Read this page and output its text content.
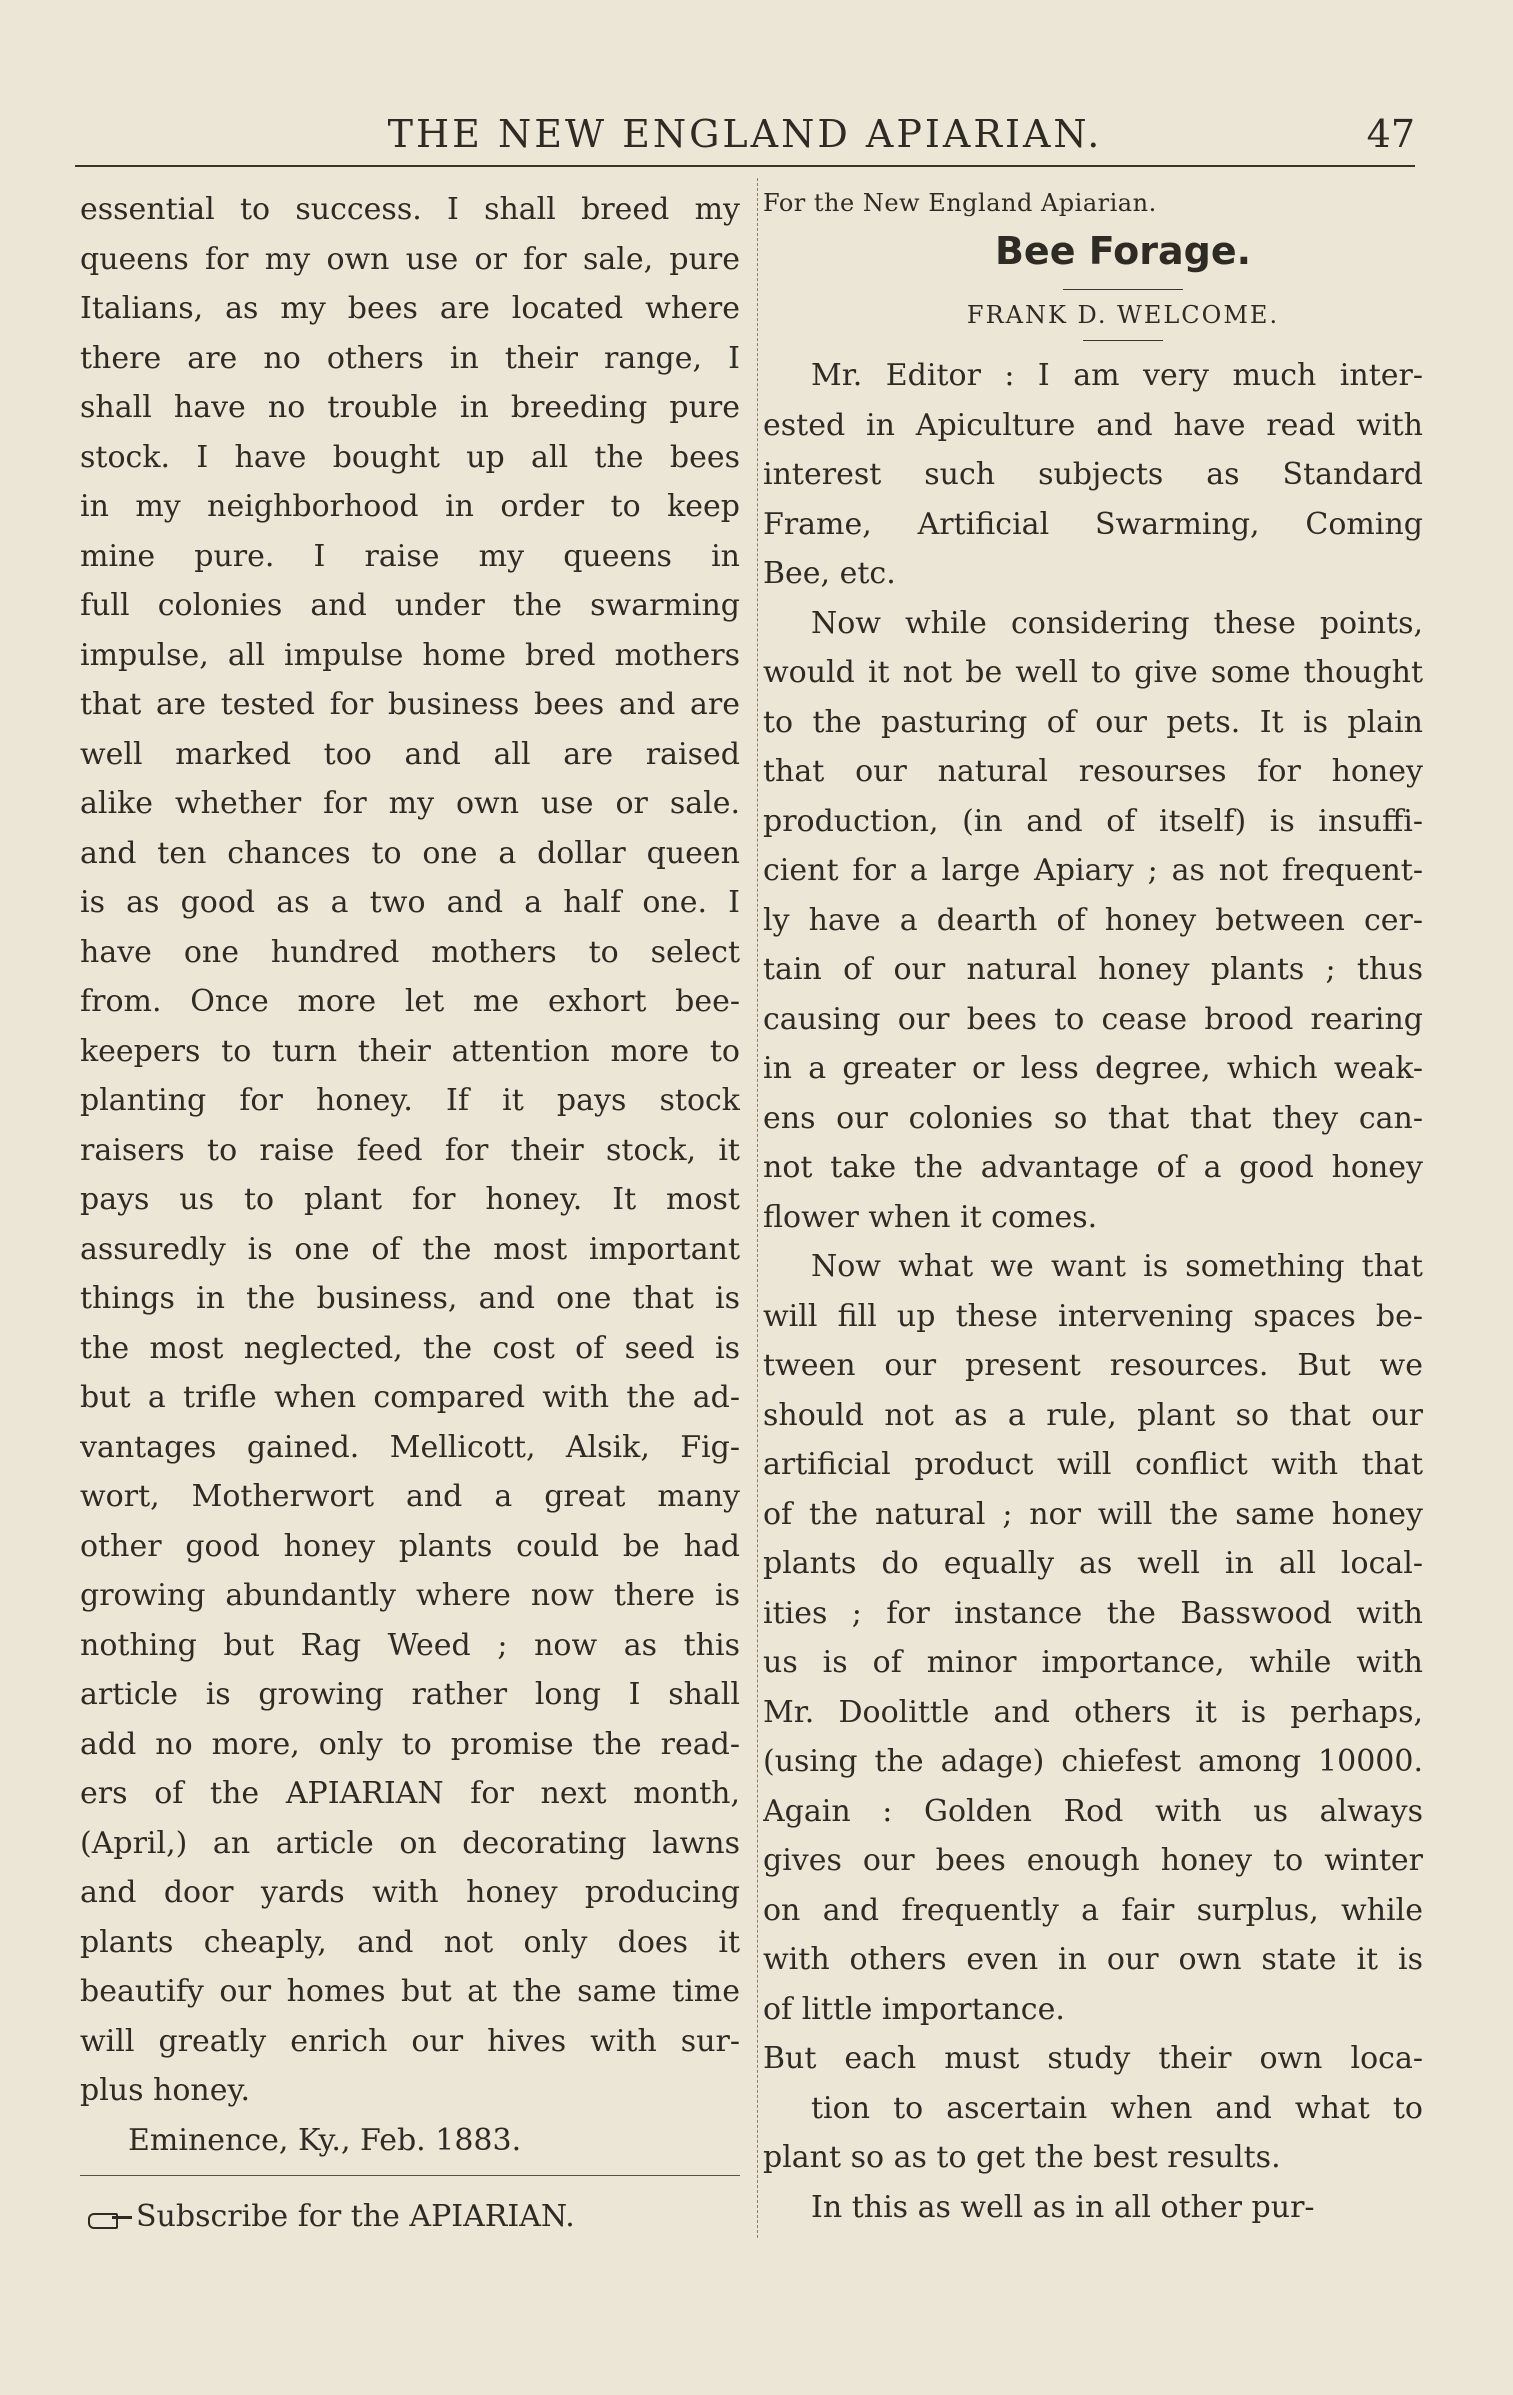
THE NEW ENGLAND APIARIAN.	47
essential to success. I shall breed my
queens for my own use or for sale, pure
Italians, as my bees are located where
there are no others in their range, I
shall have no trouble in breeding pure
stock. I have bought up all the bees
in my neighborhood in order to keep
mine pure. I raise my queens in
full colonies and under the swarming
impulse, all impulse home bred mothers
that are tested for business bees and are
well marked too and all are raised
alike whether for my own use or sale.
and ten chances to one a dollar queen
is as good as a two and a half one. I
have one hundred mothers to select
from. Once more let me exhort bee-
keepers to turn their attention more to
planting for honey. If it pays stock
raisers to raise feed for their stock, it
pays us to plant for honey. It most
assuredly is one of the most important
things in the business, and one that is
the most neglected, the cost of seed is
but a trifle when compared with the ad-
vantages gained. Mellicott, Alsik, Fig-
wort, Motherwort and a great many
other good honey plants could be had
growing abundantly where now there is
nothing but Rag Weed ; now as this
article is growing rather long I shall
add no more, only to promise the read-
ers of the APIARIAN for next month,
(April,) an article on decorating lawns
and door yards with honey producing
plants cheaply, and not only does it
beautify our homes but at the same time
will greatly enrich our hives with sur-
plus honey.
Eminence, Ky., Feb. 1883.
Subscribe for the APIARIAN.
For the New England Apiarian.
Bee Forage.
FRANK D. WELCOME.
Mr. Editor : I am very much inter-
ested in Apiculture and have read with
interest such subjects as Standard
Frame, Artificial Swarming, Coming
Bee, etc.
Now while considering these points,
would it not be well to give some thought
to the pasturing of our pets. It is plain
that our natural resourses for honey
production, (in and of itself) is insuffi-
cient for a large Apiary ; as not frequent-
ly have a dearth of honey between cer-
tain of our natural honey plants ; thus
causing our bees to cease brood rearing
in a greater or less degree, which weak-
ens our colonies so that that they can-
not take the advantage of a good honey
flower when it comes.
Now what we want is something that
will fill up these intervening spaces be-
tween our present resources. But we
should not as a rule, plant so that our
artificial product will conflict with that
of the natural ; nor will the same honey
plants do equally as well in all local-
ities ; for instance the Basswood with
us is of minor importance, while with
Mr. Doolittle and others it is perhaps,
(using the adage) chiefest among 10000.
Again : Golden Rod with us always
gives our bees enough honey to winter
on and frequently a fair surplus, while
with others even in our own state it is
of little importance.
But each must study their own loca-
tion to ascertain when and what to
plant so as to get the best results.
In this as well as in all other pur-
